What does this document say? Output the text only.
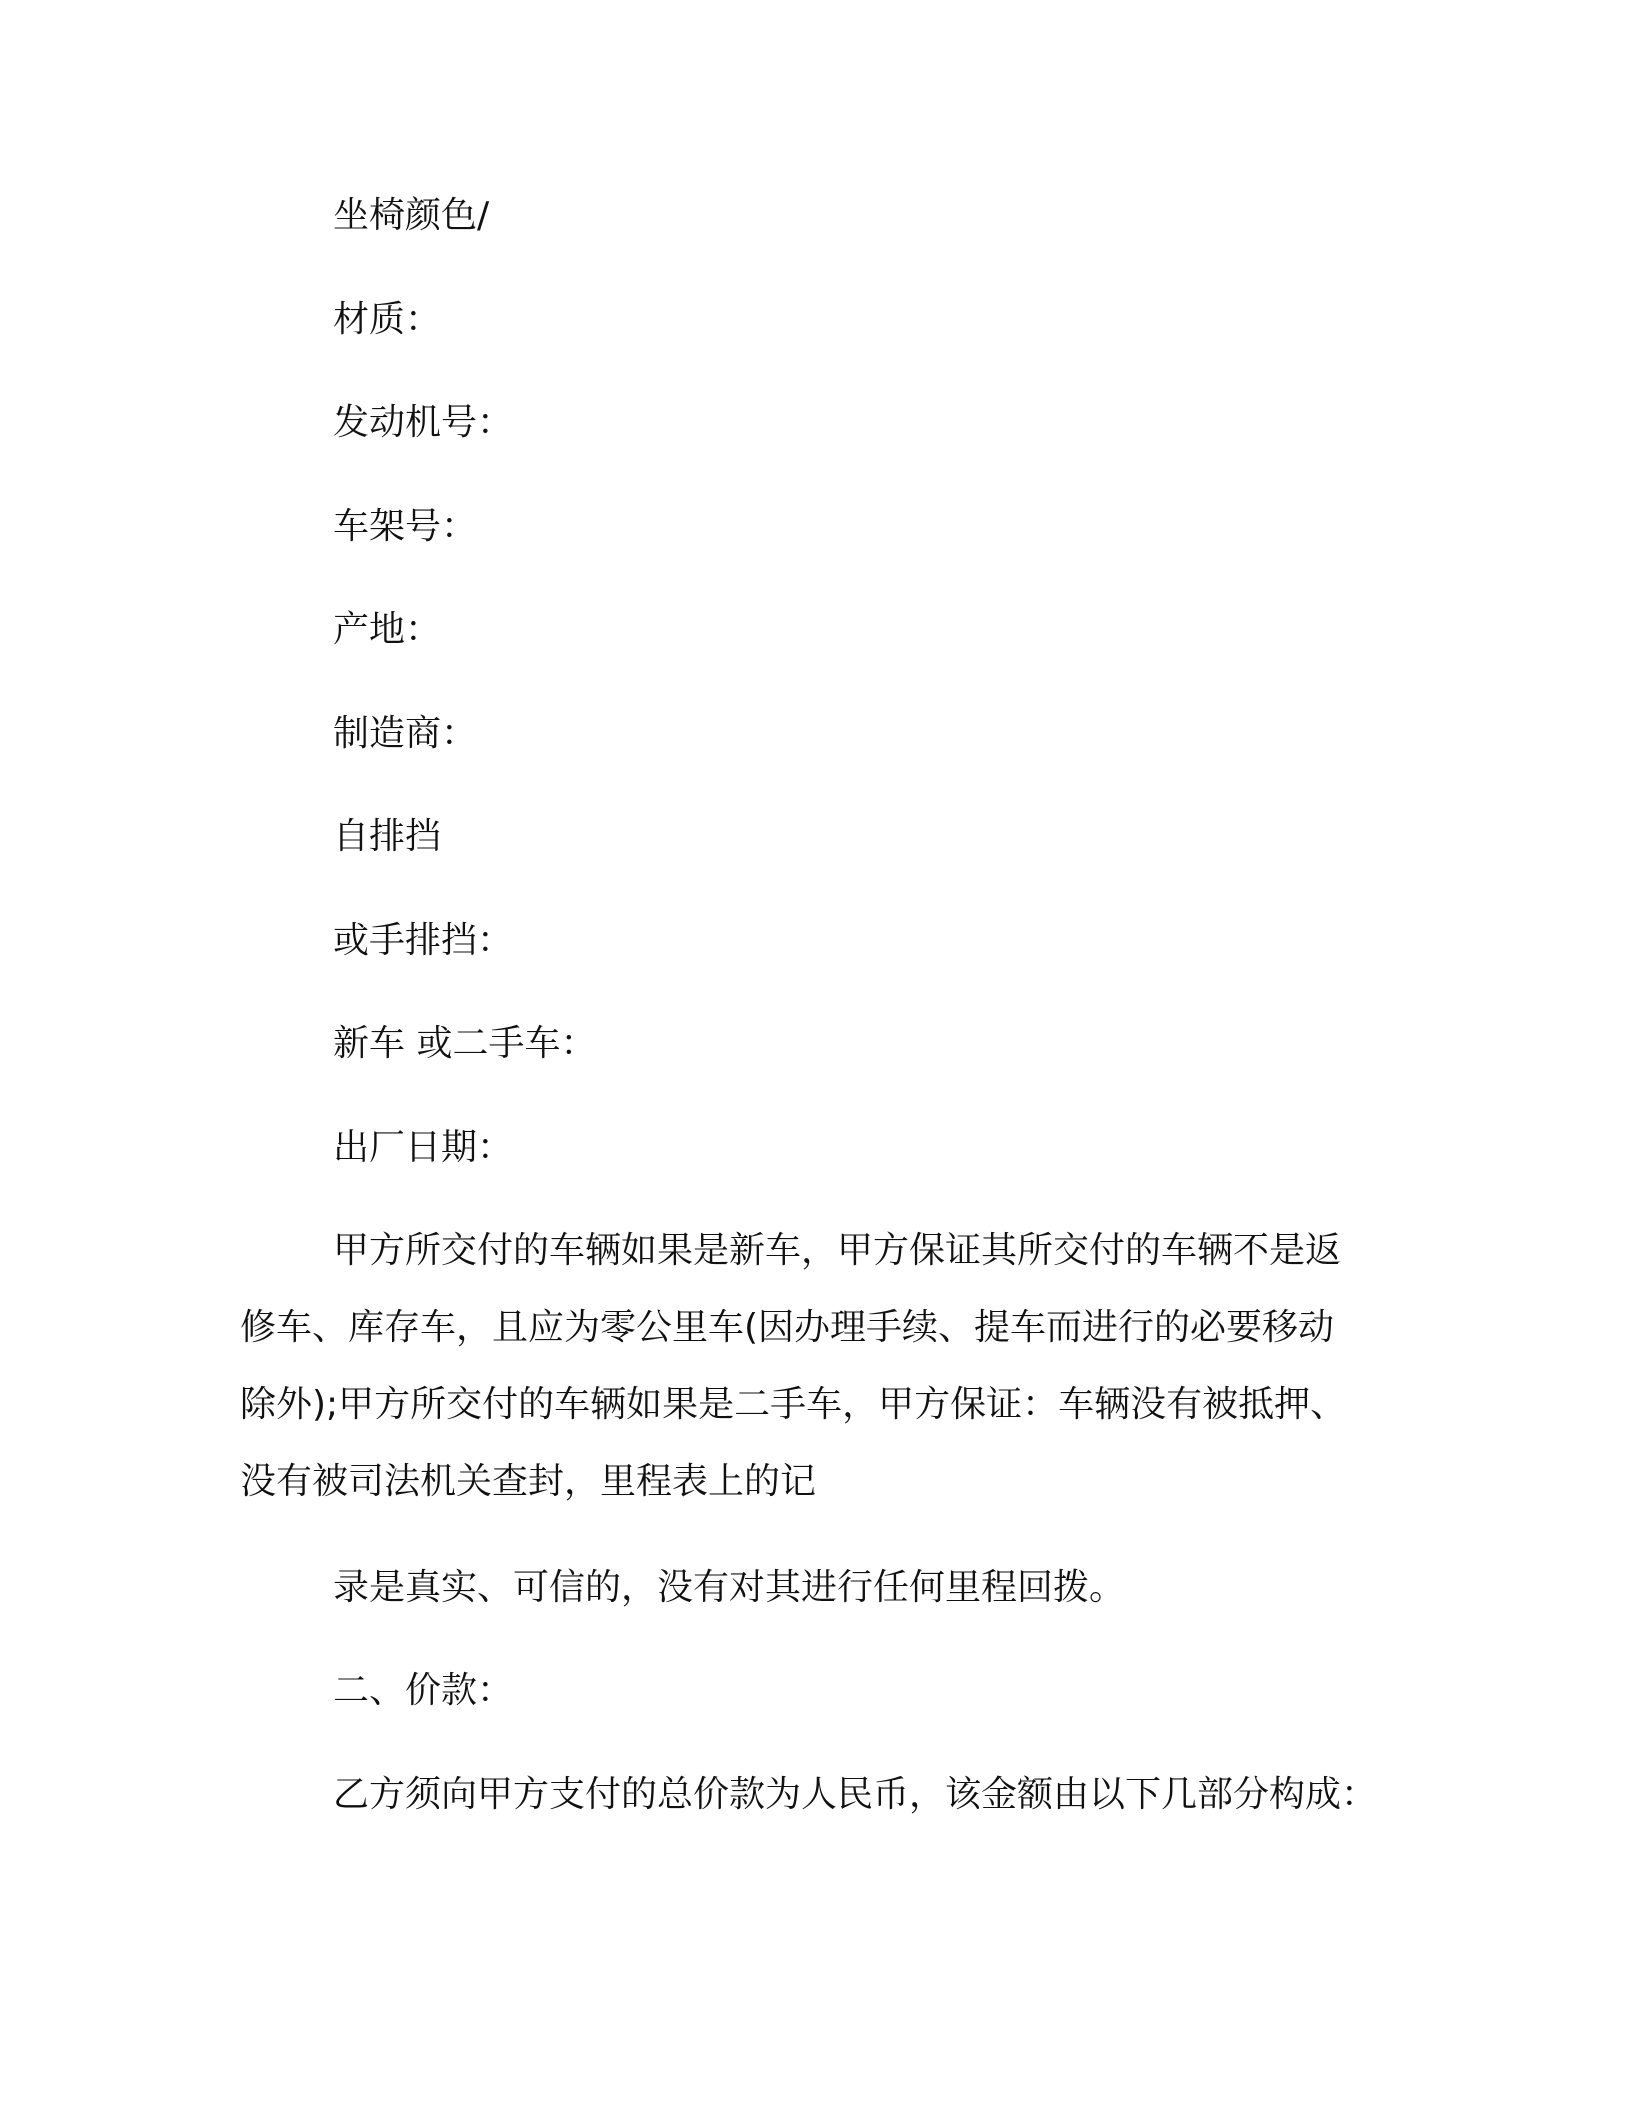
坐椅颜色/
材质：
发动机号：
车架号：
产地：
制造商：
自排挡
或手排挡：
新车 或二手车：
出厂日期：
甲方所交付的车辆如果是新车，甲方保证其所交付的车辆不是返
修车、库存车，且应为零公里车(因办理手续、提车而进行的必要移动
除外);甲方所交付的车辆如果是二手车，甲方保证：车辆没有被抵押、
没有被司法机关查封，里程表上的记
录是真实、可信的，没有对其进行任何里程回拨。
二、价款：
乙方须向甲方支付的总价款为人民币，该金额由以下几部分构成：
